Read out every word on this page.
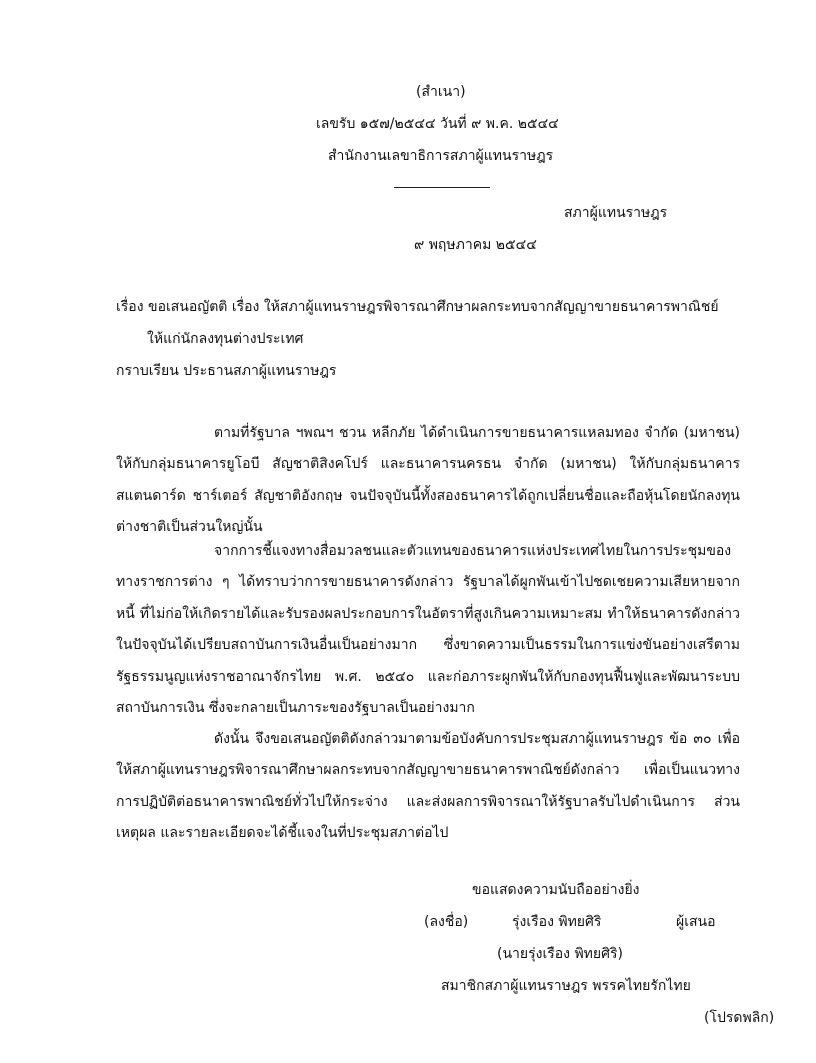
(สำเนา)
เลขรับ ๑๕๗/๒๕๔๔ วันที่ ๙ พ.ค. ๒๕๔๔
สำนักงานเลขาธิการสภาผู้แทนราษฎร
สภาผู้แทนราษฎร
๙ พฤษภาคม ๒๕๔๔
เรื่อง ขอเสนอญัตติ เรื่อง ให้สภาผู้แทนราษฎรพิจารณาศึกษาผลกระทบจากสัญญาขายธนาคารพาณิชย์
ให้แก่นักลงทุนต่างประเทศ
กราบเรียน ประธานสภาผู้แทนราษฎร

ตามที่รัฐบาล ฯพณฯ ชวน หลีกภัย ได้ดำเนินการขายธนาคารแหลมทอง จำกัด (มหาชน) ให้กับกลุ่มธนาคารยูโอบี สัญชาติสิงคโปร์ และธนาคารนครธน จำกัด (มหาชน) ให้กับกลุ่มธนาคาร สแตนดาร์ด ชาร์เตอร์ สัญชาติอังกฤษ จนปัจจุบันนี้ทั้งสองธนาคารได้ถูกเปลี่ยนชื่อและถือหุ้นโดยนักลงทุน ต่างชาติเป็นส่วนใหญ่นั้น

จากการชี้แจงทางสื่อมวลชนและตัวแทนของธนาคารแห่งประเทศไทยในการประชุมของ ทางราชการต่าง ๆ ได้ทราบว่าการขายธนาคารดังกล่าว รัฐบาลได้ผูกพันเข้าไปชดเชยความเสียหายจากหนี้ ที่ไม่ก่อให้เกิดรายได้และรับรองผลประกอบการในอัตราที่สูงเกินความเหมาะสม ทำให้ธนาคารดังกล่าว ในปัจจุบันได้เปรียบสถาบันการเงินอื่นเป็นอย่างมาก ซึ่งขาดความเป็นธรรมในการแข่งขันอย่างเสรีตาม รัฐธรรมนูญแห่งราชอาณาจักรไทย พ.ศ. ๒๕๔๐ และก่อภาระผูกพันให้กับกองทุนฟื้นฟูและพัฒนาระบบ สถาบันการเงิน ซึ่งจะกลายเป็นภาระของรัฐบาลเป็นอย่างมาก

ดังนั้น จึงขอเสนอญัตติดังกล่าวมาตามข้อบังคับการประชุมสภาผู้แทนราษฎร ข้อ ๓๐ เพื่อให้สภาผู้แทนราษฎรพิจารณาศึกษาผลกระทบจากสัญญาขายธนาคารพาณิชย์ดังกล่าว เพื่อเป็นแนวทาง การปฏิบัติต่อธนาคารพาณิชย์ทั่วไปให้กระจ่าง และส่งผลการพิจารณาให้รัฐบาลรับไปดำเนินการ ส่วนเหตุผล และรายละเอียดจะได้ชี้แจงในที่ประชุมสภาต่อไป

ขอแสดงความนับถืออย่างยิ่ง
(ลงชื่อ)	รุ่งเรือง พิทยศิริ	ผู้เสนอ
(นายรุ่งเรือง พิทยศิริ)
สมาชิกสภาผู้แทนราษฎร พรรคไทยรักไทย
(โปรดพลิก)
